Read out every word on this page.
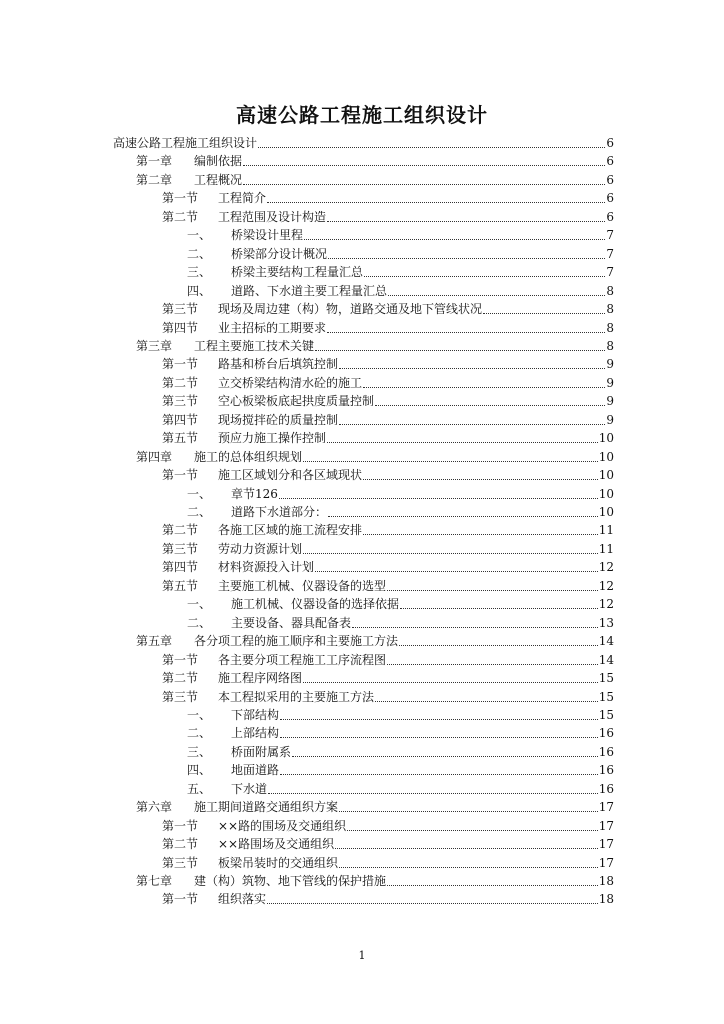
高速公路工程施工组织设计
高速公路工程施工组织设计	6
第一章	编制依据	6
第二章	工程概况	6
第一节	工程简介	6
第二节	工程范围及设计构造	6
一、	桥梁设计里程	7
二、	桥梁部分设计概况	7
三、	桥梁主要结构工程量汇总	7
四、	道路、下水道主要工程量汇总	8
第三节	现场及周边建（构）物，道路交通及地下管线状况	8
第四节	业主招标的工期要求	8
第三章	工程主要施工技术关键	8
第一节	路基和桥台后填筑控制	9
第二节	立交桥梁结构清水砼的施工	9
第三节	空心板梁板底起拱度质量控制	9
第四节	现场搅拌砼的质量控制	9
第五节	预应力施工操作控制	10
第四章	施工的总体组织规划	10
第一节	施工区域划分和各区域现状	10
一、	章节126	10
二、	道路下水道部分：	10
第二节	各施工区域的施工流程安排	11
第三节	劳动力资源计划	11
第四节	材料资源投入计划	12
第五节	主要施工机械、仪器设备的选型	12
一、	施工机械、仪器设备的选择依据	12
二、	主要设备、器具配备表	13
第五章	各分项工程的施工顺序和主要施工方法	14
第一节	各主要分项工程施工工序流程图	14
第二节	施工程序网络图	15
第三节	本工程拟采用的主要施工方法	15
一、	下部结构	15
二、	上部结构	16
三、	桥面附属系	16
四、	地面道路	16
五、	下水道	16
第六章	施工期间道路交通组织方案	17
第一节	××路的围场及交通组织	17
第二节	××路围场及交通组织	17
第三节	板梁吊装时的交通组织	17
第七章	建（构）筑物、地下管线的保护措施	18
第一节	组织落实	18
1
